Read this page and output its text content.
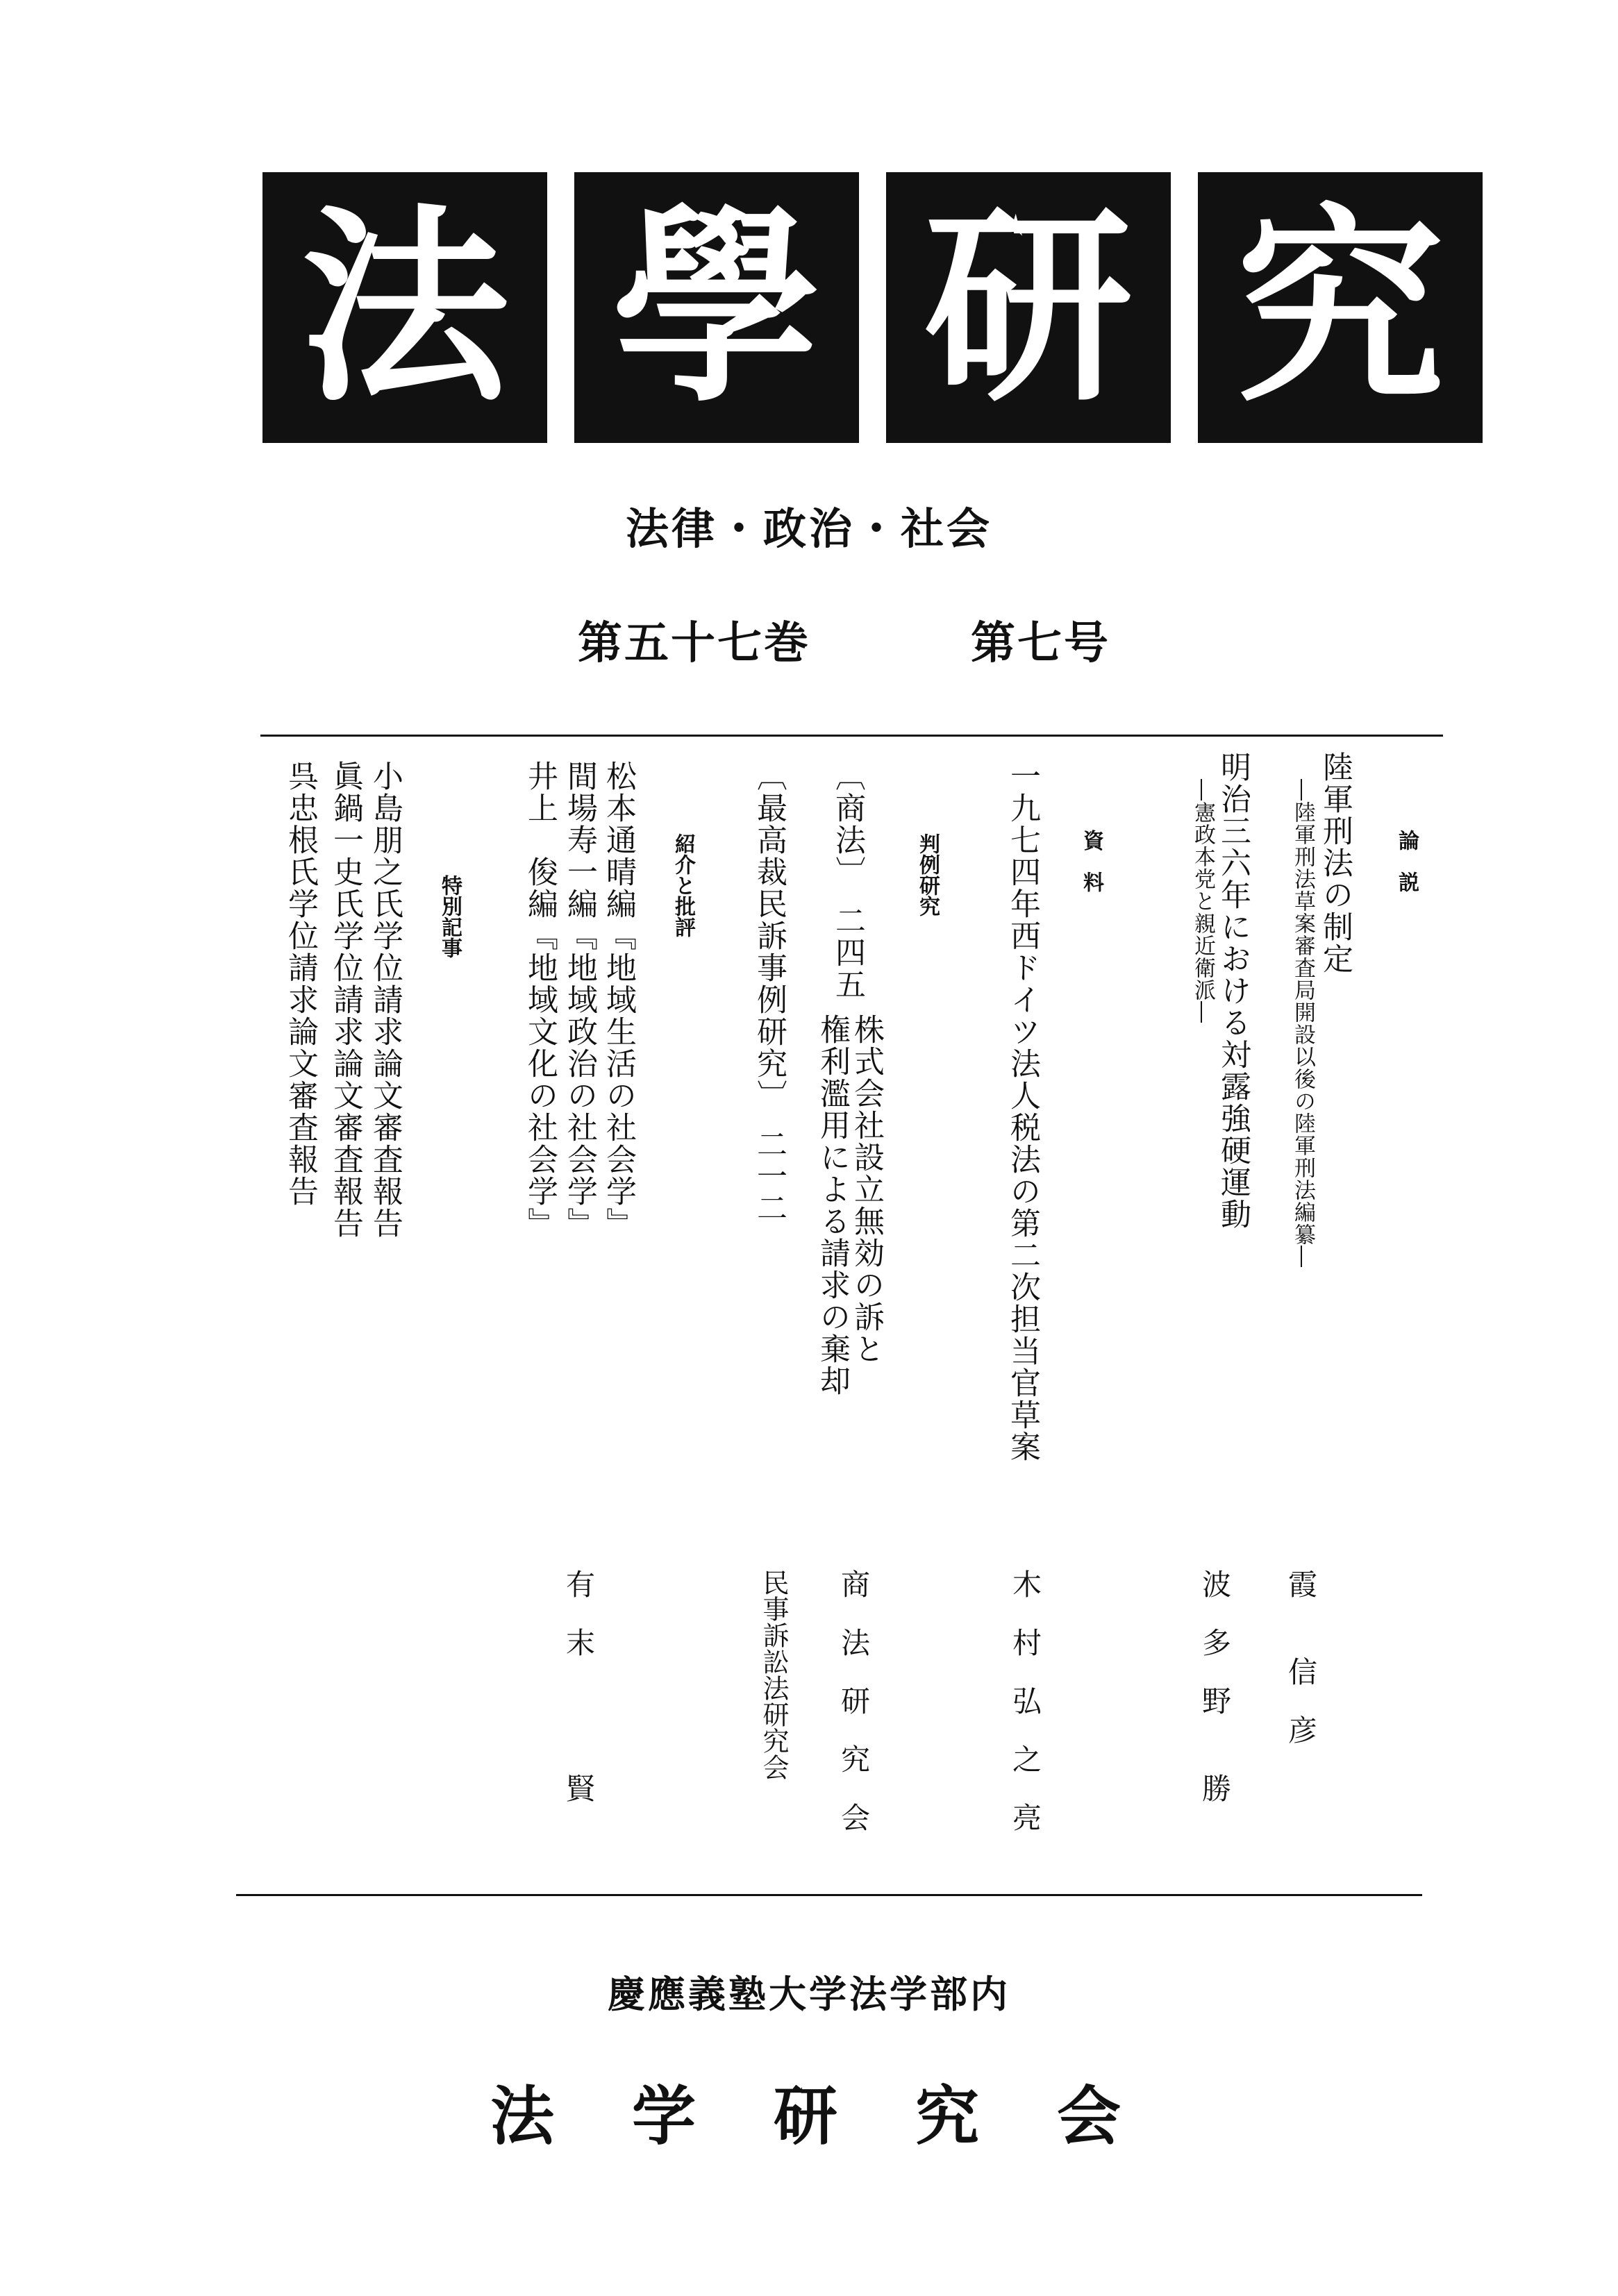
法 學 研 究
法律・政治・社会
第五十七巻	第七号
論　説
陸軍刑法の制定
―陸軍刑法草案審査局開設以後の陸軍刑法編纂―
霞　　信　彦
明治三六年における対露強硬運動
―憲政本党と親近衛派―
波　多　野　　勝
資　料
一九七四年西ドイツ法人税法の第二次担当官草案
木　村　弘　之　亮
判例研究
〔商法〕　二四五
株式会社設立無効の訴と
権利濫用による請求の棄却
商　法　研　究　会
〔最高裁民訴事例研究〕　二一二
民事訴訟法研究会
紹介と批評
松本通晴編『地域生活の社会学』
間場寿一編『地域政治の社会学』
井上　俊編『地域文化の社会学』
有　末　　　　賢
特別記事
小島朋之氏学位請求論文審査報告
眞鍋一史氏学位請求論文審査報告
呉忠根氏学位請求論文審査報告
慶應義塾大学法学部内
法　学　研　究　会
